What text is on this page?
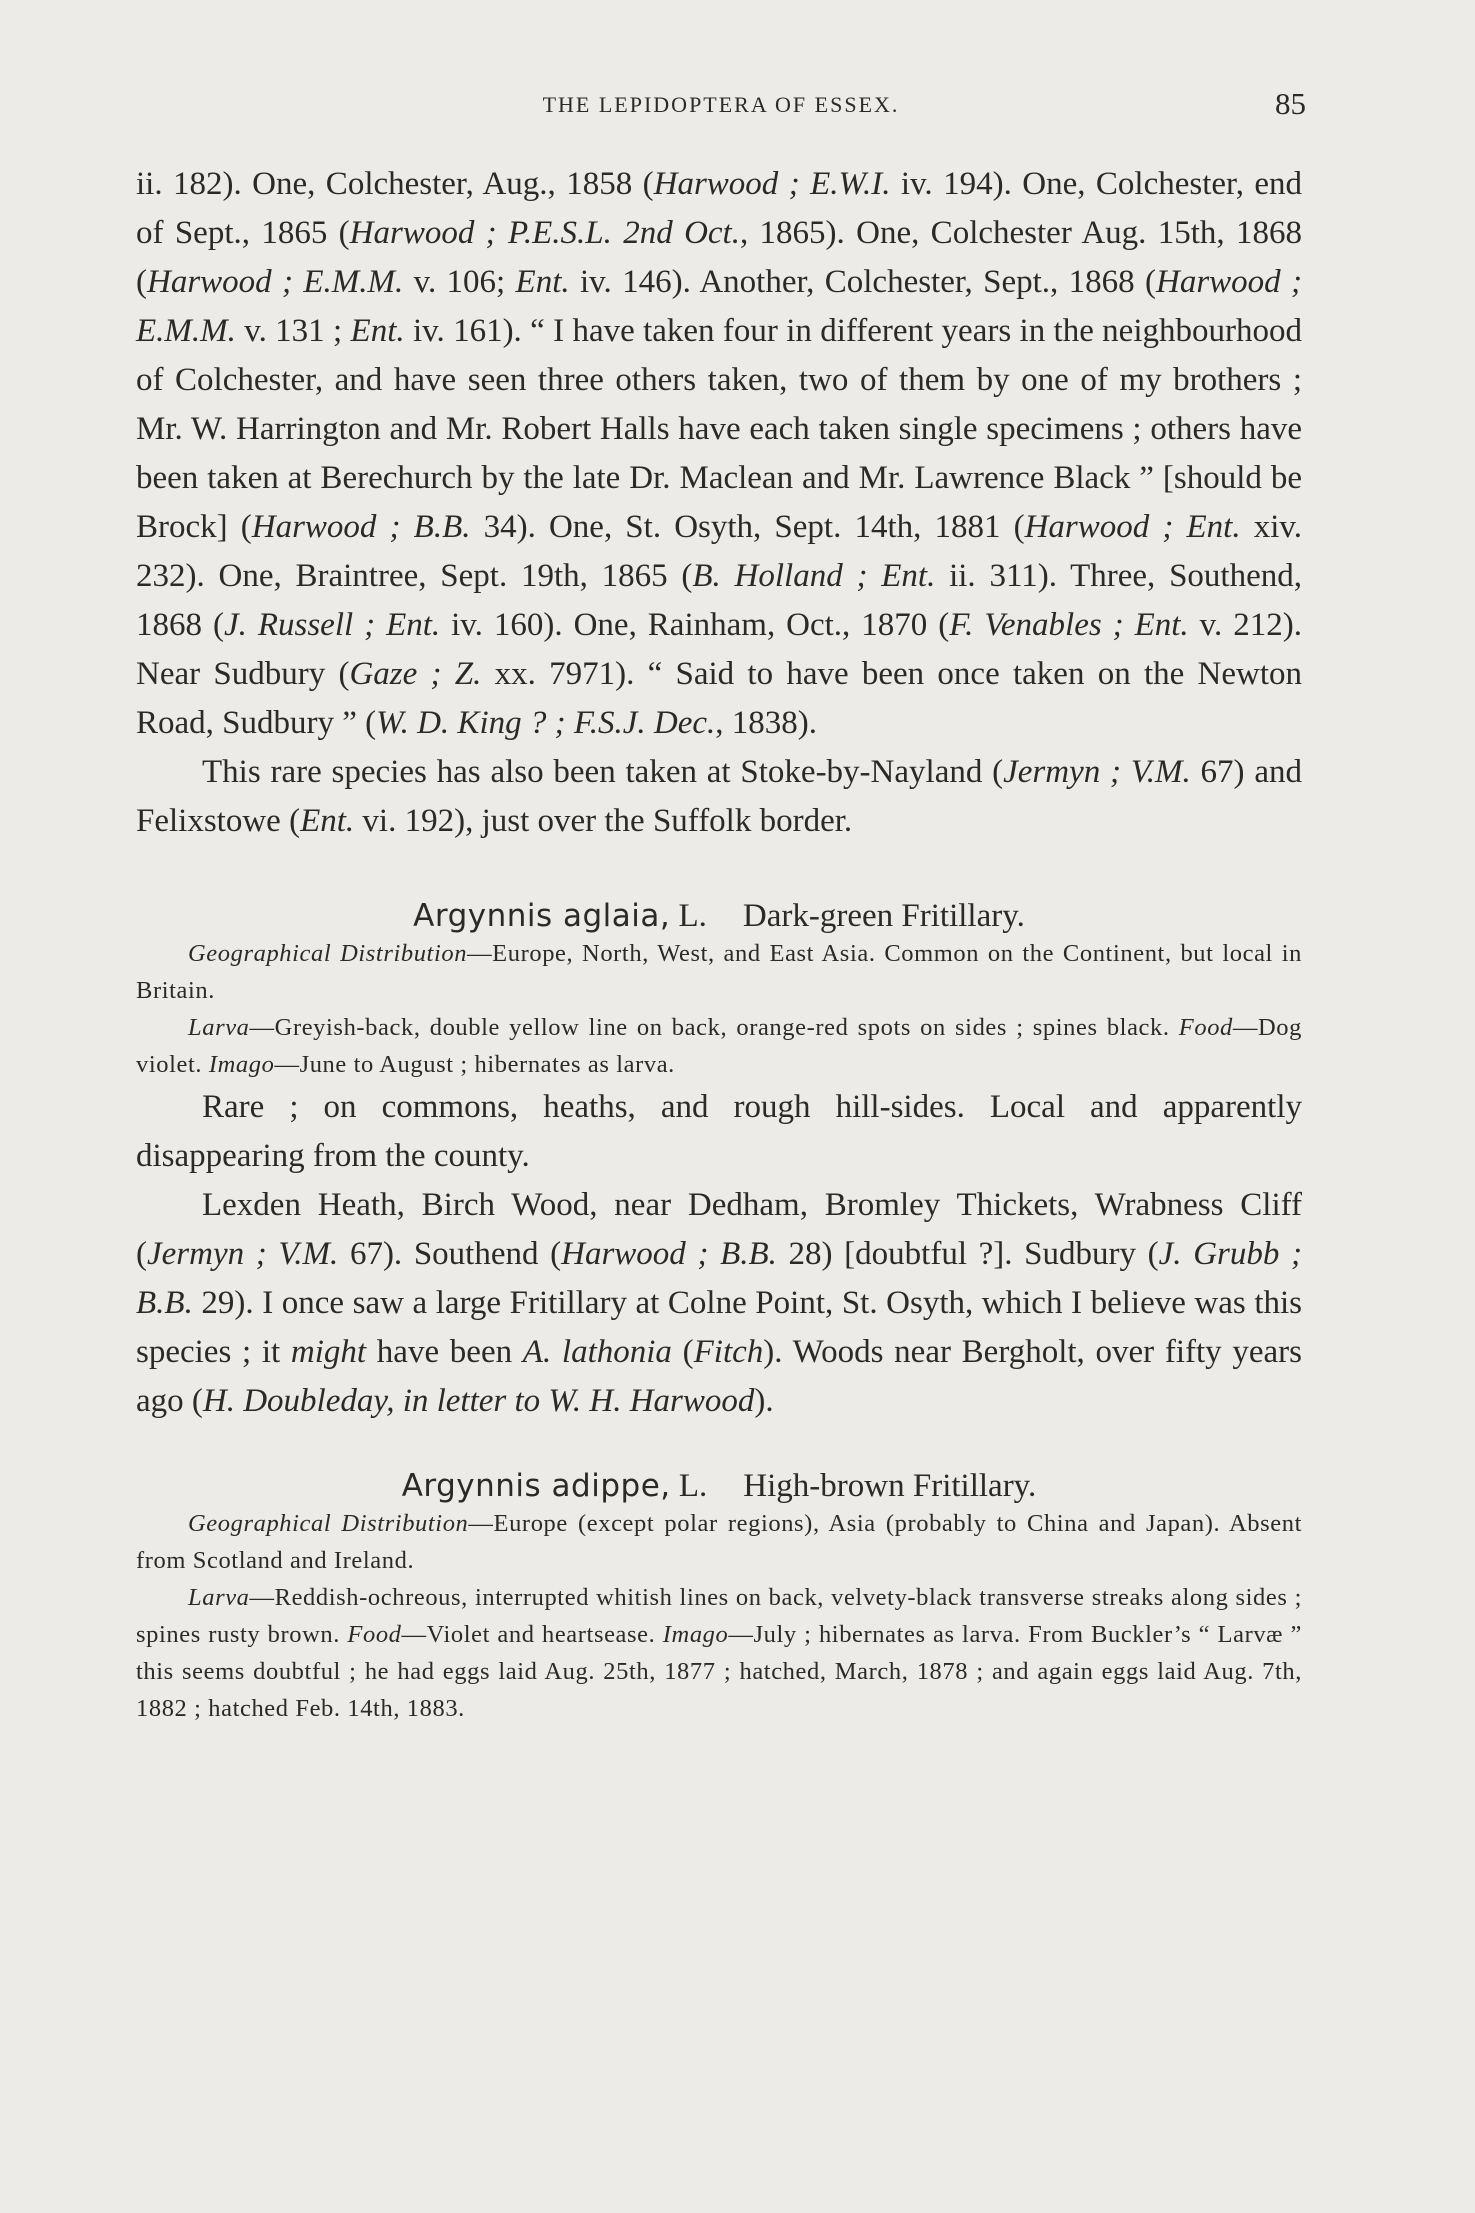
THE LEPIDOPTERA OF ESSEX.	85

ii. 182). One, Colchester, Aug., 1858 (Harwood ; E.W.I. iv. 194). One, Colchester, end of Sept., 1865 (Harwood ; P.E.S.L. 2nd Oct., 1865). One, Colchester Aug. 15th, 1868 (Harwood ; E.M.M. v. 106; Ent. iv. 146). Another, Colchester, Sept., 1868 (Harwood ; E.M.M. v. 131 ; Ent. iv. 161). “ I have taken four in different years in the neighbourhood of Colchester, and have seen three others taken, two of them by one of my brothers ; Mr. W. Harrington and Mr. Robert Halls have each taken single specimens ; others have been taken at Berechurch by the late Dr. Maclean and Mr. Lawrence Black ” [should be Brock] (Harwood ; B.B. 34). One, St. Osyth, Sept. 14th, 1881 (Harwood ; Ent. xiv. 232). One, Braintree, Sept. 19th, 1865 (B. Holland ; Ent. ii. 311). Three, Southend, 1868 (J. Russell ; Ent. iv. 160). One, Rainham, Oct., 1870 (F. Venables ; Ent. v. 212). Near Sudbury (Gaze ; Z. xx. 7971). “ Said to have been once taken on the Newton Road, Sudbury ” (W. D. King ? ; F.S.J. Dec., 1838).

This rare species has also been taken at Stoke-by-Nayland (Jermyn ; V.M. 67) and Felixstowe (Ent. vi. 192), just over the Suffolk border.

Argynnis aglaia, L. Dark-green Fritillary.

Geographical Distribution—Europe, North, West, and East Asia. Common on the Continent, but local in Britain.

Larva—Greyish-back, double yellow line on back, orange-red spots on sides ; spines black. Food—Dog violet. Imago—June to August ; hibernates as larva.

Rare ; on commons, heaths, and rough hill-sides. Local and apparently disappearing from the county.

Lexden Heath, Birch Wood, near Dedham, Bromley Thickets, Wrabness Cliff (Jermyn ; V.M. 67). Southend (Harwood ; B.B. 28) [doubtful ?]. Sudbury (J. Grubb ; B.B. 29). I once saw a large Fritillary at Colne Point, St. Osyth, which I believe was this species ; it might have been A. lathonia (Fitch). Woods near Bergholt, over fifty years ago (H. Doubleday, in letter to W. H. Harwood).

Argynnis adippe, L. High-brown Fritillary.

Geographical Distribution—Europe (except polar regions), Asia (probably to China and Japan). Absent from Scotland and Ireland.

Larva—Reddish-ochreous, interrupted whitish lines on back, velvety-black transverse streaks along sides ; spines rusty brown. Food—Violet and heartsease. Imago—July ; hibernates as larva. From Buckler’s “ Larvæ ” this seems doubtful ; he had eggs laid Aug. 25th, 1877 ; hatched, March, 1878 ; and again eggs laid Aug. 7th, 1882 ; hatched Feb. 14th, 1883.
